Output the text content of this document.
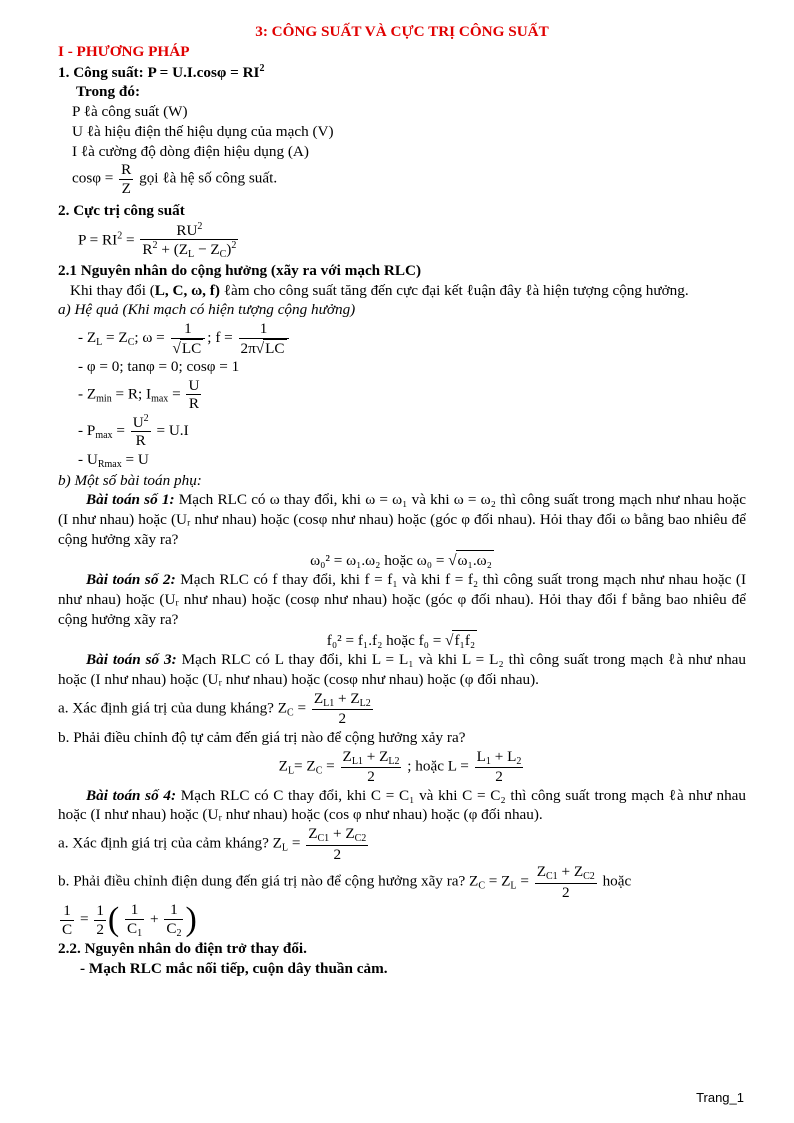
3: CÔNG SUẤT VÀ CỰC TRỊ CÔNG SUẤT

I - PHƯƠNG PHÁP

1. Công suất: $P = U.I.\cos\varphi = RI^2$

Trong đó:

P ℓà công suất (W)

U ℓà hiệu điện thế hiệu dụng của mạch (V)

I ℓà cường độ dòng điện hiệu dụng (A)

$\cos\varphi = \frac{R}{Z}$ gọi ℓà hệ số công suất.

2. Cực trị công suất

$P = RI^2 = \frac{RU^2}{R^2 + (Z_L - Z_C)^2}$

2.1 Nguyên nhân do cộng hưởng (xãy ra với mạch RLC)

Khi thay đổi (L, C, ω, f) ℓàm cho công suất tăng đến cực đại kết ℓuận đây ℓà hiện tượng cộng hưởng.

a) Hệ quả (Khi mạch có hiện tượng cộng hưởng)

- $Z_L = Z_C$; $\omega = \frac{1}{√LC}$ ; $f = \frac{1}{2\pi√LC}$

- φ = 0; tanφ = 0; cosφ = 1

- $Z_{min} = R$; $I_{max} = \frac{U}{R}$

- $P_{max} = \frac{U^2}{R} = U.I$

- $U_{Rmax} = U$

b) Một số bài toán phụ:

Bài toán số 1: Mạch RLC có ω thay đổi, khi ω = ω₁ và khi ω = ω₂ thì công suất trong mạch như nhau hoặc (I như nhau) hoặc (Uᵣ như nhau) hoặc (cosφ như nhau) hoặc (góc φ đối nhau). Hỏi thay đổi ω bằng bao nhiêu để cộng hưởng xãy ra?

ω₀² = ω₁.ω₂ hoặc ω₀ = √ω₁.ω₂

Bài toán số 2: Mạch RLC có f thay đổi, khi f = f₁ và khi f = f₂ thì công suất trong mạch như nhau hoặc (I như nhau) hoặc (Uᵣ như nhau) hoặc (cosφ như nhau) hoặc (góc φ đối nhau). Hỏi thay đổi f bằng bao nhiêu để cộng hưởng xãy ra?

f₀² = f₁.f₂ hoặc f₀ = √f₁f₂

Bài toán số 3: Mạch RLC có L thay đổi, khi L = L₁ và khi L = L₂ thì công suất trong mạch ℓà như nhau hoặc (I như nhau) hoặc (Uᵣ như nhau) hoặc (cosφ như nhau) hoặc (φ đối nhau).

a. Xác định giá trị của dung kháng? $Z_C = \frac{Z_{L1} + Z_{L2}}{2}$

b. Phải điều chỉnh độ tự cảm đến giá trị nào để cộng hưởng xảy ra?

$Z_L= Z_C = \frac{Z_{L1} + Z_{L2}}{2}$ ; hoặc $L = \frac{L_1 + L_2}{2}$

Bài toán số 4: Mạch RLC có C thay đổi, khi C = C₁ và khi C = C₂ thì công suất trong mạch ℓà như nhau hoặc (I như nhau) hoặc (Uᵣ như nhau) hoặc (cos φ như nhau) hoặc (φ đối nhau).

a. Xác định giá trị của cảm kháng? $Z_L = \frac{Z_{C1} + Z_{C2}}{2}$

b. Phải điều chỉnh điện dung đến giá trị nào để cộng hưởng xãy ra? $Z_C = Z_L = \frac{Z_{C1} + Z_{C2}}{2}$ hoặc

$\frac{1}{C} = \frac{1}{2}$ ( $\frac{1}{C_1} + \frac{1}{C_2}$ )

2.2. Nguyên nhân do điện trở thay đổi.

- Mạch RLC mắc nối tiếp, cuộn dây thuần cảm.

Trang_1
